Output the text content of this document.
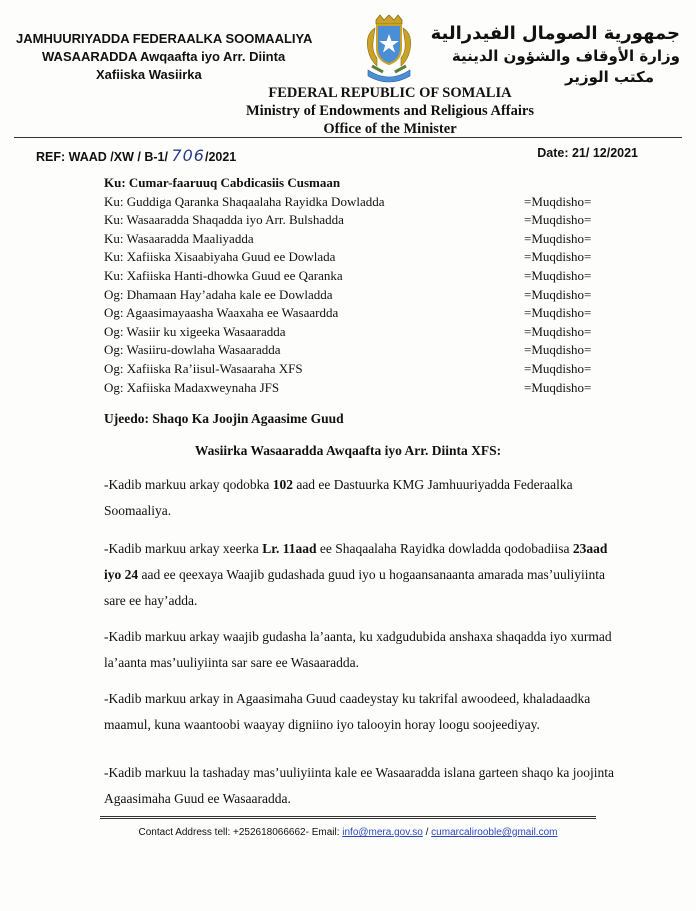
JAMHUURIYADDA FEDERAALKA SOOMAALIYA
WASAARADDA Awqaafta iyo Arr. Diinta
Xafiiska Wasiirka
جمهورية الصومال الفيدرالية
وزارة الأوقاف والشؤون الدينية
مكتب الوزير
FEDERAL REPUBLIC OF SOMALIA
Ministry of Endowments and Religious Affairs
Office of the Minister
REF: WAAD /XW / B-1/ 706/2021	Date: 21/ 12/2021
Ku: Cumar-faaruuq Cabdicasiis Cusmaan
Ku: Guddiga Qaranka Shaqaalaha Rayidka Dowladda	=Muqdisho=
Ku: Wasaaradda Shaqadda iyo Arr. Bulshadda	=Muqdisho=
Ku: Wasaaradda Maaliyadda	=Muqdisho=
Ku: Xafiiska Xisaabiyaha Guud ee Dowlada	=Muqdisho=
Ku: Xafiiska Hanti-dhowka Guud ee Qaranka	=Muqdisho=
Og: Dhamaan Hay’adaha kale ee Dowladda	=Muqdisho=
Og: Agaasimayaasha Waaxaha ee Wasaardda	=Muqdisho=
Og: Wasiir ku xigeeka Wasaaradda	=Muqdisho=
Og: Wasiiru-dowlaha Wasaaradda	=Muqdisho=
Og: Xafiiska Ra’iisul-Wasaaraha XFS	=Muqdisho=
Og: Xafiiska Madaxweynaha JFS	=Muqdisho=
Ujeedo: Shaqo Ka Joojin Agaasime Guud
Wasiirka Wasaaradda Awqaafta iyo Arr. Diinta XFS:

-Kadib markuu arkay qodobka 102 aad ee Dastuurka KMG Jamhuuriyadda Federaalka Soomaaliya.

-Kadib markuu arkay xeerka Lr. 11aad ee Shaqaalaha Rayidka dowladda qodobadiisa 23aad iyo 24 aad ee qeexaya Waajib gudashada guud iyo u hogaansanaanta amarada mas’uuliyiinta sare ee hay’adda.

-Kadib markuu arkay waajib gudasha la’aanta, ku xadgudubida anshaxa shaqadda iyo xurmad la’aanta mas’uuliyiinta sar sare ee Wasaaradda.

-Kadib markuu arkay in Agaasimaha Guud caadeystay ku takrifal awoodeed, khaladaadka maamul, kuna waantoobi waayay digniino iyo talooyin horay loogu soojeediyay.

-Kadib markuu la tashaday mas’uuliyiinta kale ee Wasaaradda islana garteen shaqo ka joojinta Agaasimaha Guud ee Wasaaradda.

Contact Address tell: +252618066662- Email: info@mera.gov.so / cumarcalirooble@gmail.com
